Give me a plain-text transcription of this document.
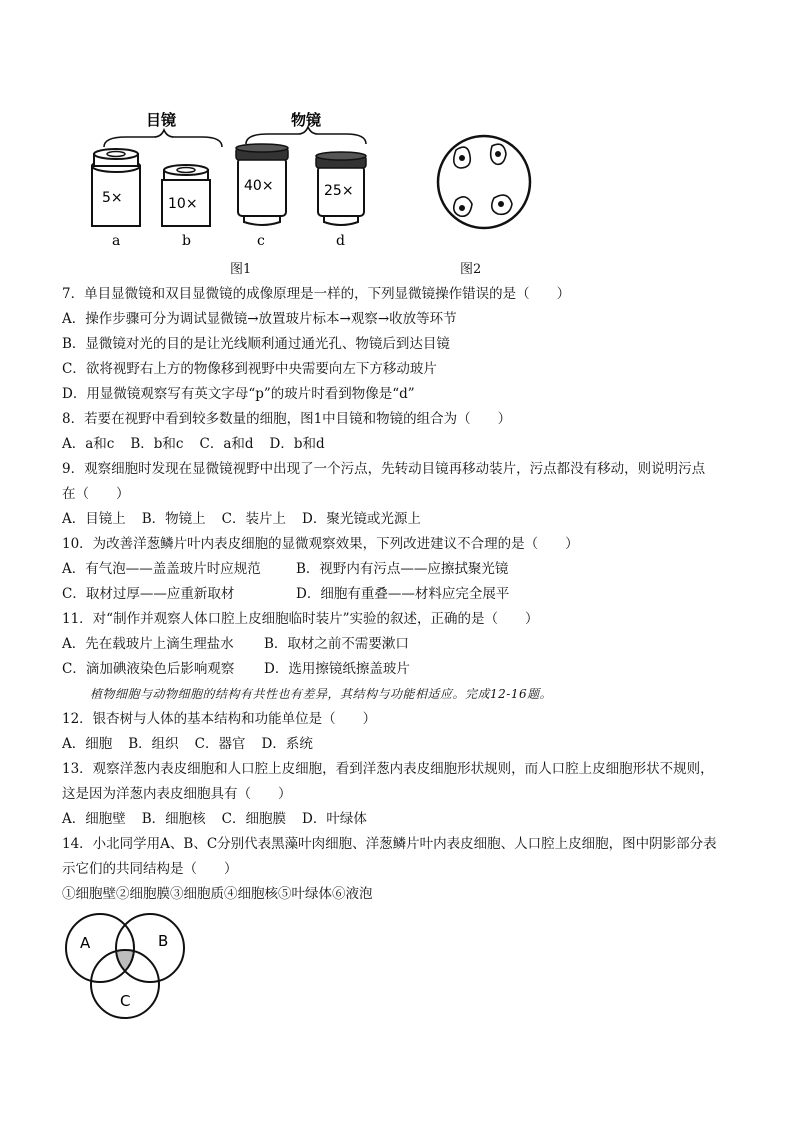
目镜	物镜
5×
a
10×
b
40×
c
25×
d
图1	图2
7．单目显微镜和双目显微镜的成像原理是一样的，下列显微镜操作错误的是（　　）
A．操作步骤可分为调试显微镜→放置玻片标本→观察→收放等环节
B．显微镜对光的目的是让光线顺利通过通光孔、物镜后到达目镜
C．欲将视野右上方的物像移到视野中央需要向左下方移动玻片
D．用显微镜观察写有英文字母“p”的玻片时看到物像是“d”
8．若要在视野中看到较多数量的细胞，图1中目镜和物镜的组合为（　　）
A．a和c B．b和c C．a和d D．b和d
9．观察细胞时发现在显微镜视野中出现了一个污点，先转动目镜再移动装片，污点都没有移动，则说明污点
在（　　）
A．目镜上 B．物镜上 C．装片上 D．聚光镜或光源上
10．为改善洋葱鳞片叶内表皮细胞的显微观察效果，下列改进建议不合理的是（　　）
A．有气泡——盖盖玻片时应规范	B．视野内有污点——应擦拭聚光镜
C．取材过厚——应重新取材	D．细胞有重叠——材料应完全展平
11．对“制作并观察人体口腔上皮细胞临时装片”实验的叙述，正确的是（　　）
A．先在载玻片上滴生理盐水	B．取材之前不需要漱口
C．滴加碘液染色后影响观察	D．选用擦镜纸擦盖玻片
植物细胞与动物细胞的结构有共性也有差异，其结构与功能相适应。完成12-16题。
12．银杏树与人体的基本结构和功能单位是（　　）
A．细胞 B．组织 C．器官 D．系统
13．观察洋葱内表皮细胞和人口腔上皮细胞，看到洋葱内表皮细胞形状规则，而人口腔上皮细胞形状不规则，
这是因为洋葱内表皮细胞具有（　　）
A．细胞壁 B．细胞核 C．细胞膜 D．叶绿体
14．小北同学用A、B、C分别代表黑藻叶肉细胞、洋葱鳞片叶内表皮细胞、人口腔上皮细胞，图中阴影部分表
示它们的共同结构是（　　）
①细胞壁②细胞膜③细胞质④细胞核⑤叶绿体⑥液泡
A	B
C
